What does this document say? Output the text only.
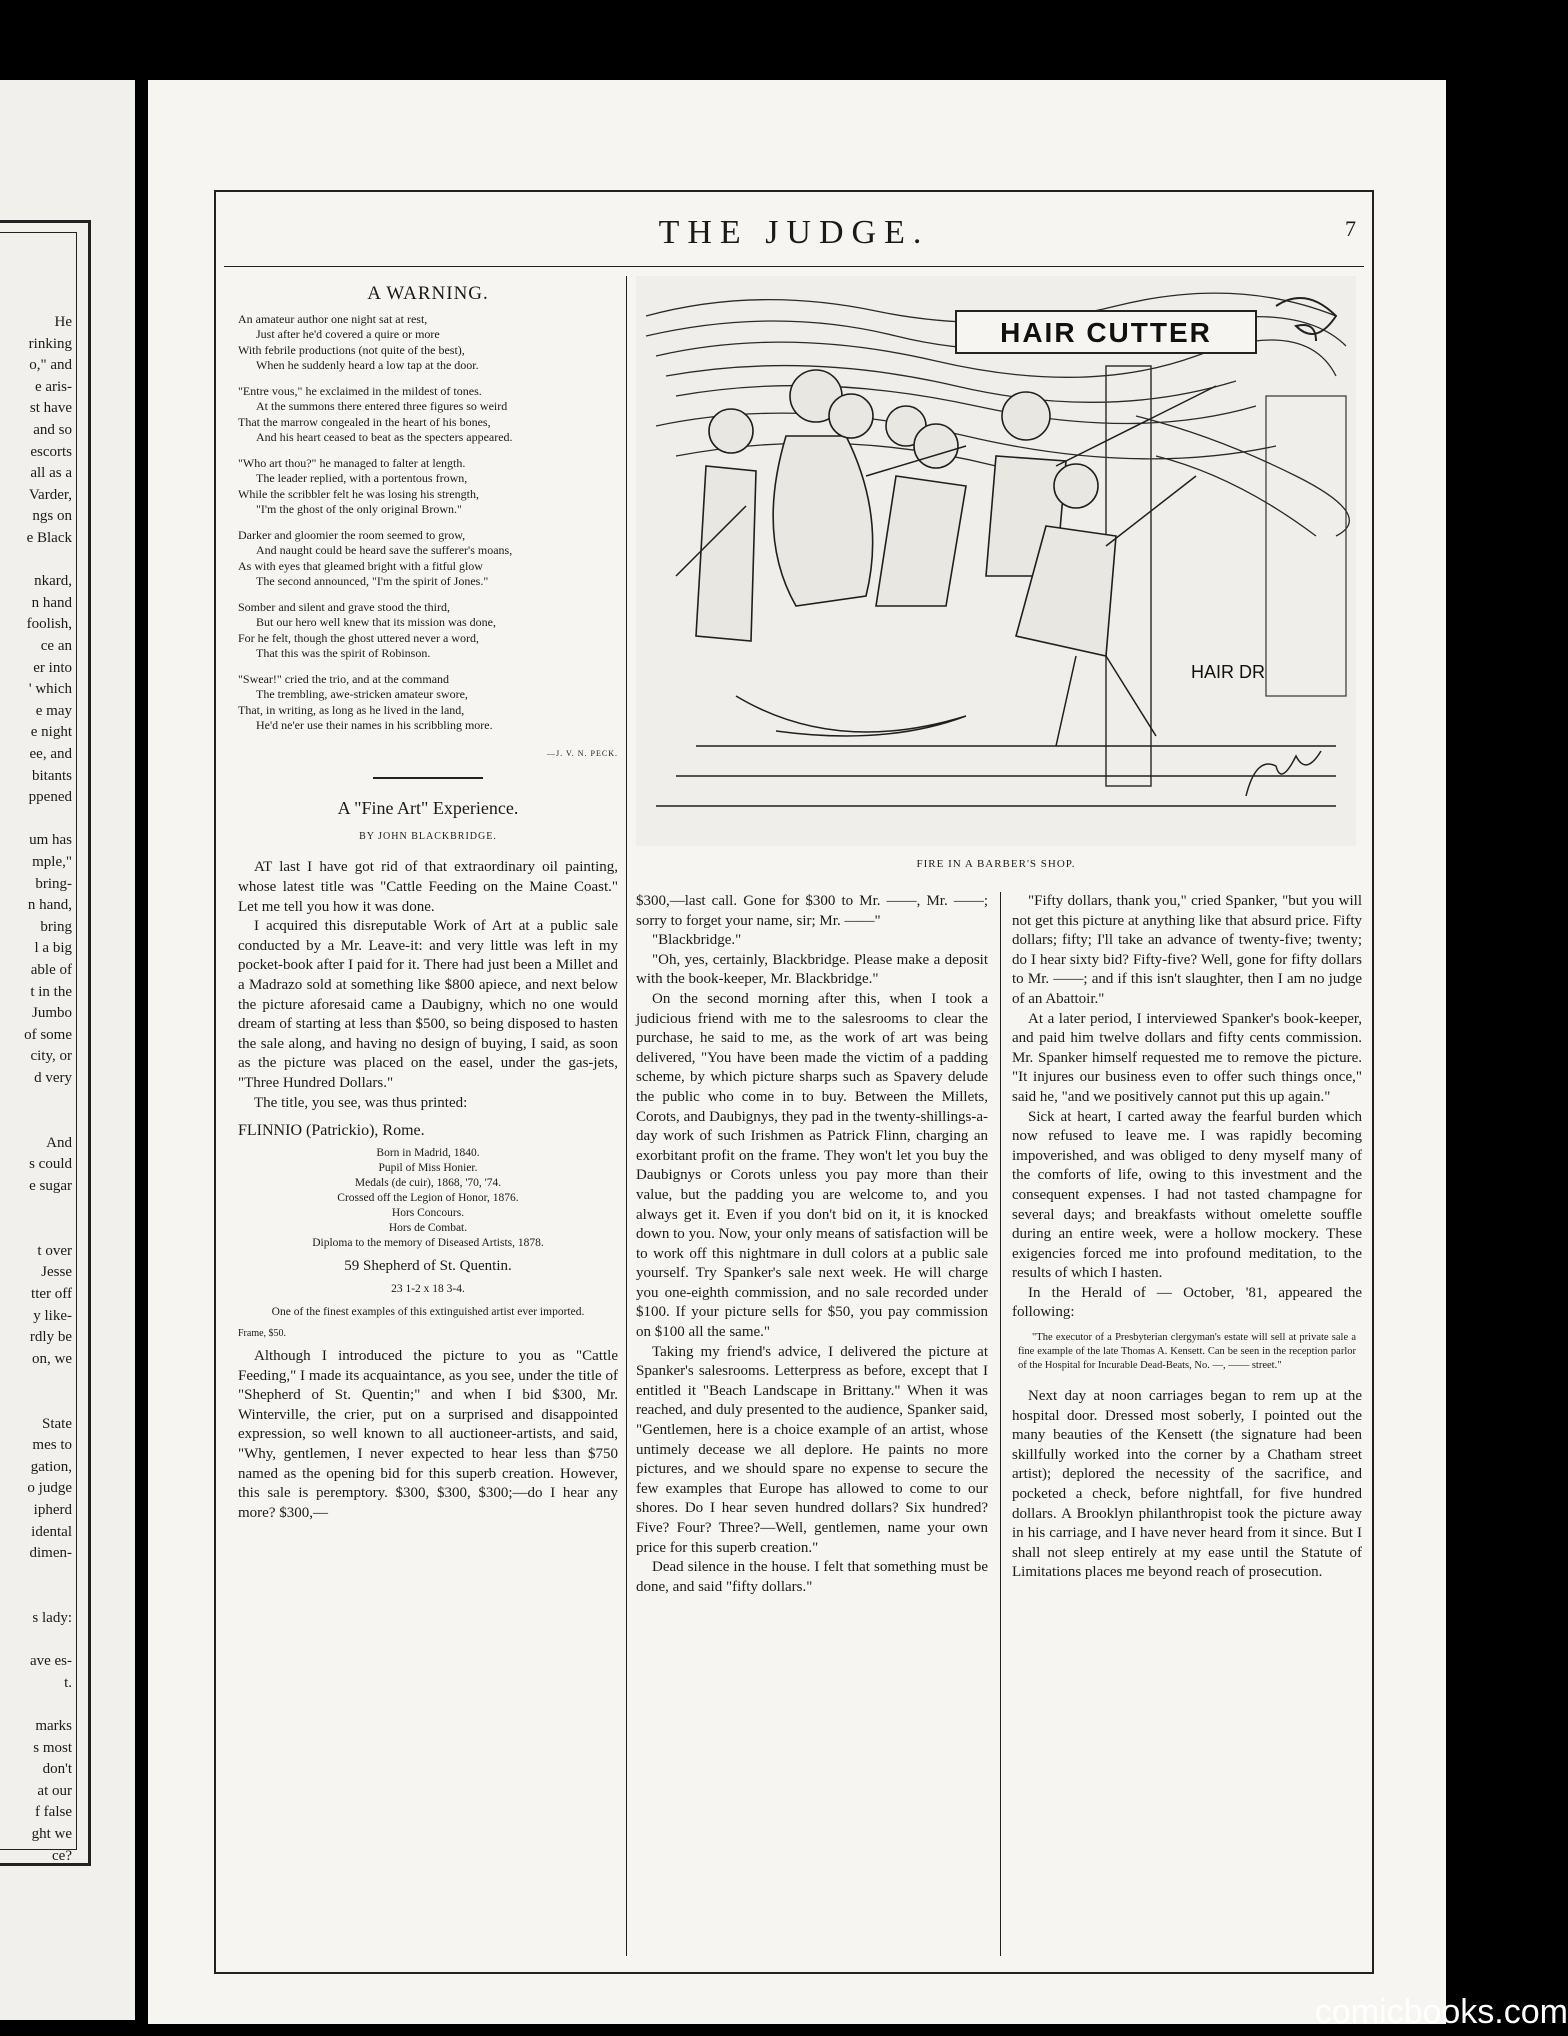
He
rinking
o," and
e aris-
st have
and so
escorts
all as a
Varder,
ngs on
e Black
nkard,
n hand
foolish,
ce an
er into
' which
e may
e night
ee, and
bitants
ppened
um has
mple,"
bring-
n hand,
bring
l a big
able of
t in the
Jumbo
of some
city, or
d very
And
s could
e sugar
t over
Jesse
tter off
y like-
rdly be
on, we
State
mes to
gation,
o judge
ipherd
idental
dimen-
s lady:
ave es-
t.
marks
s most
don't
at our
f false
ght we
ce?
THE JUDGE.	7
A WARNING.
An amateur author one night sat at rest,
Just after he'd covered a quire or more
With febrile productions (not quite of the best),
When he suddenly heard a low tap at the door.
"Entre vous," he exclaimed in the mildest of tones.
At the summons there entered three figures so weird
That the marrow congealed in the heart of his bones,
And his heart ceased to beat as the specters appeared.
"Who art thou?" he managed to falter at length.
The leader replied, with a portentous frown,
While the scribbler felt he was losing his strength,
"I'm the ghost of the only original Brown."
Darker and gloomier the room seemed to grow,
And naught could be heard save the sufferer's moans,
As with eyes that gleamed bright with a fitful glow
The second announced, "I'm the spirit of Jones."
Somber and silent and grave stood the third,
But our hero well knew that its mission was done,
For he felt, though the ghost uttered never a word,
That this was the spirit of Robinson.
"Swear!" cried the trio, and at the command
The trembling, awe-stricken amateur swore,
That, in writing, as long as he lived in the land,
He'd ne'er use their names in his scribbling more.
—J. V. N. PECK.
A "Fine Art" Experience.
BY JOHN BLACKBRIDGE.

AT last I have got rid of that extraordinary oil painting, whose latest title was "Cattle Feeding on the Maine Coast." Let me tell you how it was done.

I acquired this disreputable Work of Art at a public sale conducted by a Mr. Leave-it: and very little was left in my pocket-book after I paid for it. There had just been a Millet and a Madrazo sold at something like $800 apiece, and next below the picture aforesaid came a Daubigny, which no one would dream of starting at less than $500, so being disposed to hasten the sale along, and having no design of buying, I said, as soon as the picture was placed on the easel, under the gas-jets, "Three Hundred Dollars."

The title, you see, was thus printed:

FLINNIO (Patrickio), Rome.
Born in Madrid, 1840.
Pupil of Miss Honier.
Medals (de cuir), 1868, '70, '74.
Crossed off the Legion of Honor, 1876.
Hors Concours.
Hors de Combat.
Diploma to the memory of Diseased Artists, 1878.
59 Shepherd of St. Quentin.
23 1-2 x 18 3-4.
One of the finest examples of this extinguished artist ever imported.
Frame, $50.

Although I introduced the picture to you as "Cattle Feeding," I made its acquaintance, as you see, under the title of "Shepherd of St. Quentin;" and when I bid $300, Mr. Winterville, the crier, put on a surprised and disappointed expression, so well known to all auctioneer-artists, and said, "Why, gentlemen, I never expected to hear less than $750 named as the opening bid for this superb creation. However, this sale is peremptory. $300, $300, $300;—do I hear any more? $300,—

HAIR CUTTER
HAIR DR
FIRE IN A BARBER'S SHOP.

$300,—last call. Gone for $300 to Mr. ——, Mr. ——; sorry to forget your name, sir; Mr. ——"

"Blackbridge."

"Oh, yes, certainly, Blackbridge. Please make a deposit with the book-keeper, Mr. Blackbridge."

On the second morning after this, when I took a judicious friend with me to the salesrooms to clear the purchase, he said to me, as the work of art was being delivered, "You have been made the victim of a padding scheme, by which picture sharps such as Spavery delude the public who come in to buy. Between the Millets, Corots, and Daubignys, they pad in the twenty-shillings-a-day work of such Irishmen as Patrick Flinn, charging an exorbitant profit on the frame. They won't let you buy the Daubignys or Corots unless you pay more than their value, but the padding you are welcome to, and you always get it. Even if you don't bid on it, it is knocked down to you. Now, your only means of satisfaction will be to work off this nightmare in dull colors at a public sale yourself. Try Spanker's sale next week. He will charge you one-eighth commission, and no sale recorded under $100. If your picture sells for $50, you pay commission on $100 all the same."

Taking my friend's advice, I delivered the picture at Spanker's salesrooms. Letterpress as before, except that I entitled it "Beach Landscape in Brittany." When it was reached, and duly presented to the audience, Spanker said, "Gentlemen, here is a choice example of an artist, whose untimely decease we all deplore. He paints no more pictures, and we should spare no expense to secure the few examples that Europe has allowed to come to our shores. Do I hear seven hundred dollars? Six hundred? Five? Four? Three?—Well, gentlemen, name your own price for this superb creation."

Dead silence in the house. I felt that something must be done, and said "fifty dollars."

"Fifty dollars, thank you," cried Spanker, "but you will not get this picture at anything like that absurd price. Fifty dollars; fifty; I'll take an advance of twenty-five; twenty; do I hear sixty bid? Fifty-five? Well, gone for fifty dollars to Mr. ——; and if this isn't slaughter, then I am no judge of an Abattoir."

At a later period, I interviewed Spanker's book-keeper, and paid him twelve dollars and fifty cents commission. Mr. Spanker himself requested me to remove the picture. "It injures our business even to offer such things once," said he, "and we positively cannot put this up again."

Sick at heart, I carted away the fearful burden which now refused to leave me. I was rapidly becoming impoverished, and was obliged to deny myself many of the comforts of life, owing to this investment and the consequent expenses. I had not tasted champagne for several days; and breakfasts without omelette souffle during an entire week, were a hollow mockery. These exigencies forced me into profound meditation, to the results of which I hasten.

In the Herald of — October, '81, appeared the following:

"The executor of a Presbyterian clergyman's estate will sell at private sale a fine example of the late Thomas A. Kensett. Can be seen in the reception parlor of the Hospital for Incurable Dead-Beats, No. —, —— street."

Next day at noon carriages began to rem up at the hospital door. Dressed most soberly, I pointed out the many beauties of the Kensett (the signature had been skillfully worked into the corner by a Chatham street artist); deplored the necessity of the sacrifice, and pocketed a check, before nightfall, for five hundred dollars. A Brooklyn philanthropist took the picture away in his carriage, and I have never heard from it since. But I shall not sleep entirely at my ease until the Statute of Limitations places me beyond reach of prosecution.

comicbooks.com
